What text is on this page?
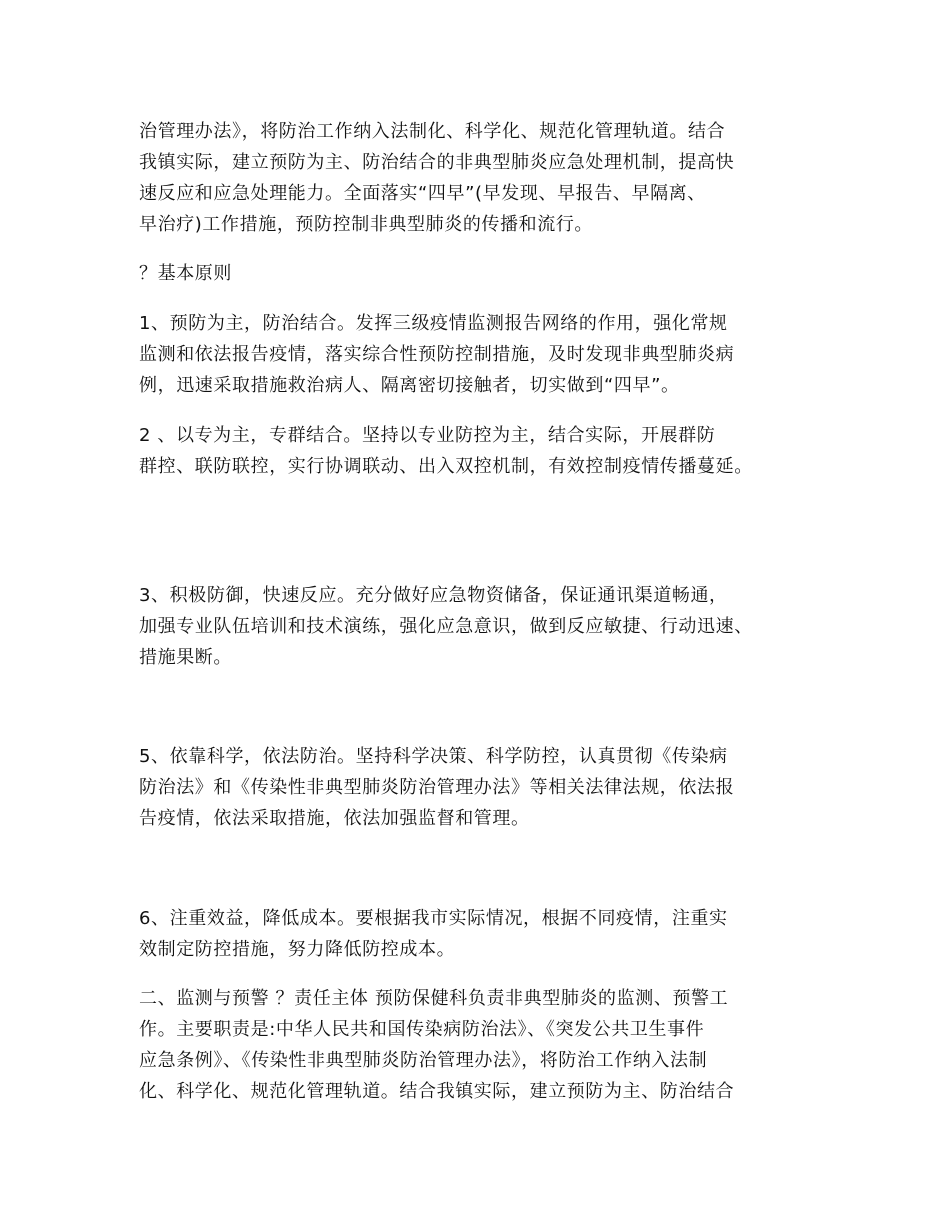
治管理办法》，将防治工作纳入法制化、科学化、规范化管理轨道。结合
我镇实际，建立预防为主、防治结合的非典型肺炎应急处理机制，提高快
速反应和应急处理能力。全面落实“四早”(早发现、早报告、早隔离、
早治疗)工作措施，预防控制非典型肺炎的传播和流行。
？基本原则
1、预防为主，防治结合。发挥三级疫情监测报告网络的作用，强化常规
监测和依法报告疫情，落实综合性预防控制措施，及时发现非典型肺炎病
例，迅速采取措施救治病人、隔离密切接触者，切实做到“四早”。
2 、以专为主，专群结合。坚持以专业防控为主，结合实际，开展群防
群控、联防联控，实行协调联动、出入双控机制，有效控制疫情传播蔓延。
3、积极防御，快速反应。充分做好应急物资储备，保证通讯渠道畅通，
加强专业队伍培训和技术演练，强化应急意识，做到反应敏捷、行动迅速、
措施果断。
5、依靠科学，依法防治。坚持科学决策、科学防控，认真贯彻《传染病
防治法》和《传染性非典型肺炎防治管理办法》等相关法律法规，依法报
告疫情，依法采取措施，依法加强监督和管理。
6、注重效益，降低成本。要根据我市实际情况，根据不同疫情，注重实
效制定防控措施，努力降低防控成本。
二、监测与预警 ？责任主体 预防保健科负责非典型肺炎的监测、预警工
作。主要职责是:中华人民共和国传染病防治法》、《突发公共卫生事件
应急条例》、《传染性非典型肺炎防治管理办法》，将防治工作纳入法制
化、科学化、规范化管理轨道。结合我镇实际，建立预防为主、防治结合
